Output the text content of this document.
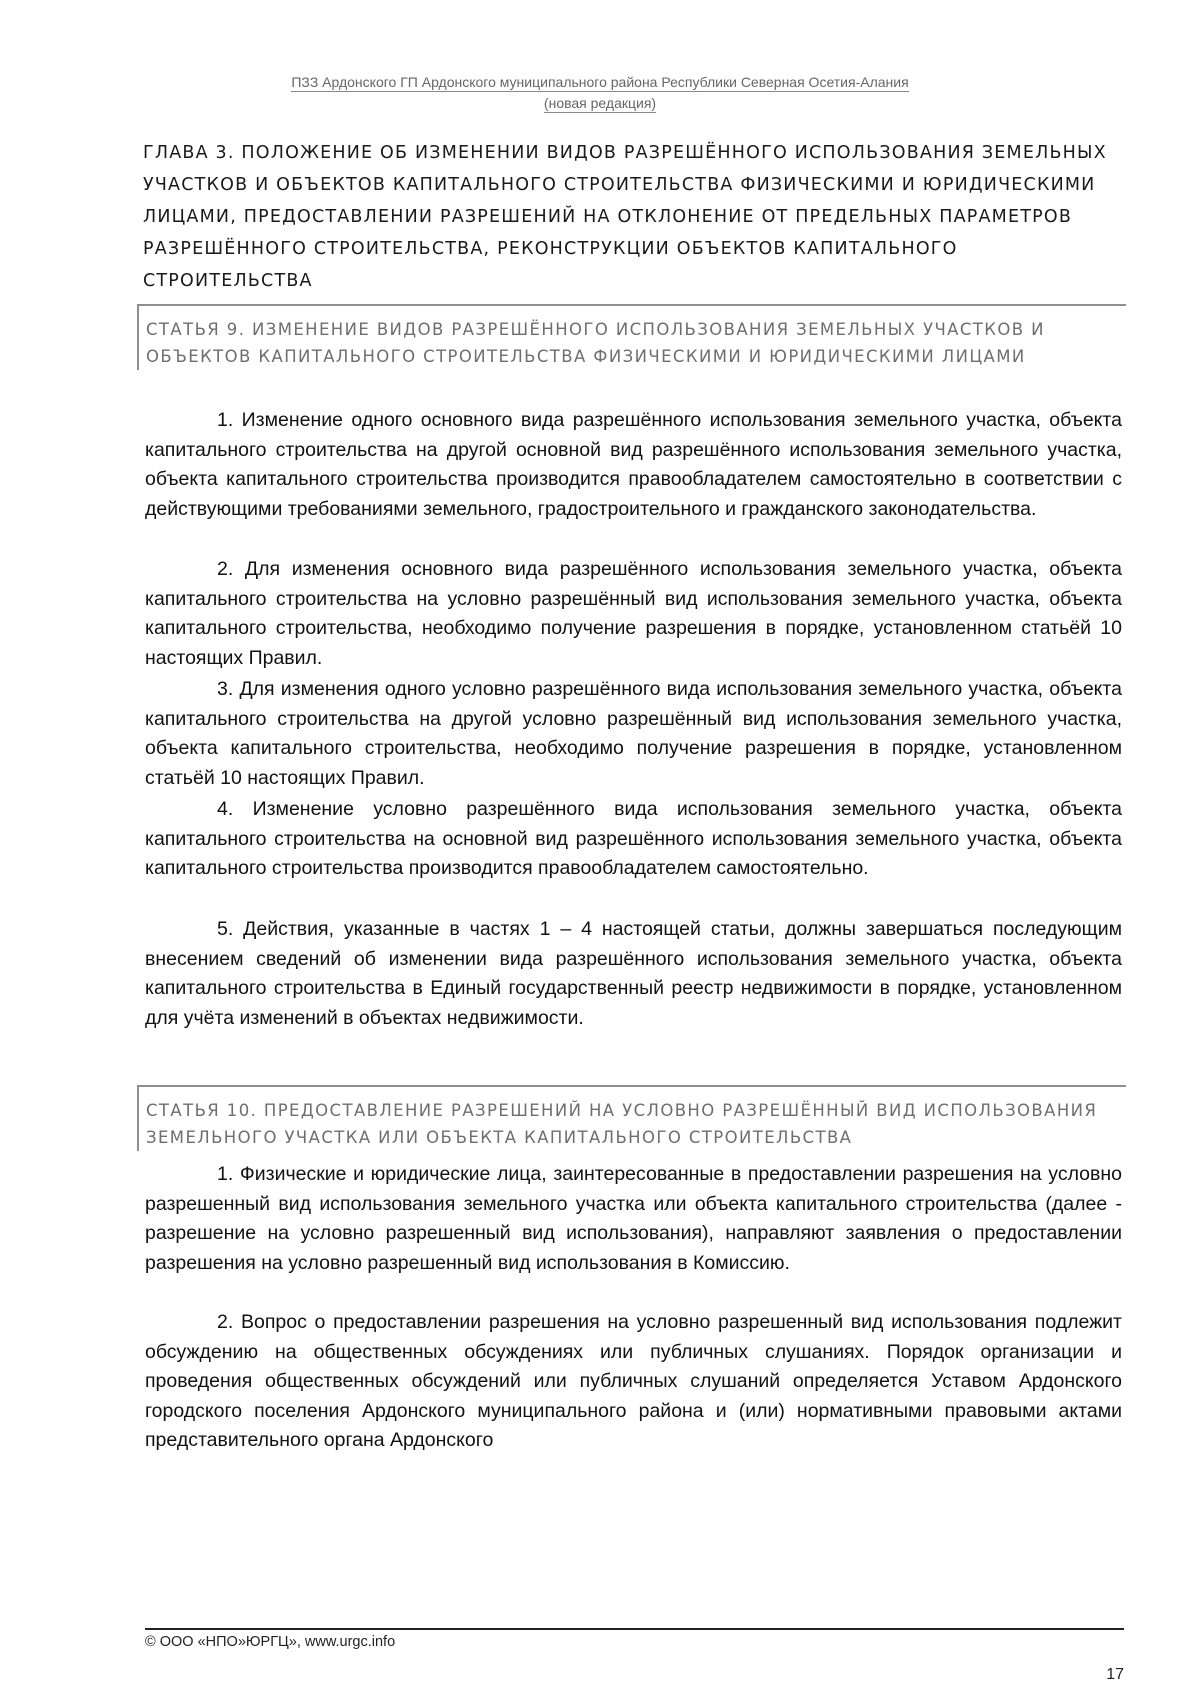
ПЗЗ Ардонского ГП Ардонского муниципального района Республики Северная Осетия-Алания
(новая редакция)
ГЛАВА 3. ПОЛОЖЕНИЕ ОБ ИЗМЕНЕНИИ ВИДОВ РАЗРЕШЁННОГО ИСПОЛЬЗОВАНИЯ ЗЕМЕЛЬНЫХ УЧАСТКОВ И ОБЪЕКТОВ КАПИТАЛЬНОГО СТРОИТЕЛЬСТВА ФИЗИЧЕСКИМИ И ЮРИДИЧЕСКИМИ ЛИЦАМИ, ПРЕДОСТАВЛЕНИИ РАЗРЕШЕНИЙ НА ОТКЛОНЕНИЕ ОТ ПРЕДЕЛЬНЫХ ПАРАМЕТРОВ РАЗРЕШЁННОГО СТРОИТЕЛЬСТВА, РЕКОНСТРУКЦИИ ОБЪЕКТОВ КАПИТАЛЬНОГО СТРОИТЕЛЬСТВА
СТАТЬЯ 9. ИЗМЕНЕНИЕ ВИДОВ РАЗРЕШЁННОГО ИСПОЛЬЗОВАНИЯ ЗЕМЕЛЬНЫХ УЧАСТКОВ И ОБЪЕКТОВ КАПИТАЛЬНОГО СТРОИТЕЛЬСТВА ФИЗИЧЕСКИМИ И ЮРИДИЧЕСКИМИ ЛИЦАМИ
1. Изменение одного основного вида разрешённого использования земельного участка, объекта капитального строительства на другой основной вид разрешённого использования земельного участка, объекта капитального строительства производится правообладателем самостоятельно в соответствии с действующими требованиями земельного, градостроительного и гражданского законодательства.
2. Для изменения основного вида разрешённого использования земельного участка, объекта капитального строительства на условно разрешённый вид использования земельного участка, объекта капитального строительства, необходимо получение разрешения в порядке, установленном статьёй 10 настоящих Правил.
3. Для изменения одного условно разрешённого вида использования земельного участка, объекта капитального строительства на другой условно разрешённый вид использования земельного участка, объекта капитального строительства, необходимо получение разрешения в порядке, установленном статьёй 10 настоящих Правил.
4. Изменение условно разрешённого вида использования земельного участка, объекта капитального строительства на основной вид разрешённого использования земельного участка, объекта капитального строительства производится правообладателем самостоятельно.
5. Действия, указанные в частях 1 – 4 настоящей статьи, должны завершаться последующим внесением сведений об изменении вида разрешённого использования земельного участка, объекта капитального строительства в Единый государственный реестр недвижимости в порядке, установленном для учёта изменений в объектах недвижимости.
СТАТЬЯ 10. ПРЕДОСТАВЛЕНИЕ РАЗРЕШЕНИЙ НА УСЛОВНО РАЗРЕШЁННЫЙ ВИД ИСПОЛЬЗОВАНИЯ ЗЕМЕЛЬНОГО УЧАСТКА ИЛИ ОБЪЕКТА КАПИТАЛЬНОГО СТРОИТЕЛЬСТВА
1. Физические и юридические лица, заинтересованные в предоставлении разрешения на условно разрешенный вид использования земельного участка или объекта капитального строительства (далее - разрешение на условно разрешенный вид использования), направляют заявления о предоставлении разрешения на условно разрешенный вид использования в Комиссию.
2. Вопрос о предоставлении разрешения на условно разрешенный вид использования подлежит обсуждению на общественных обсуждениях или публичных слушаниях. Порядок организации и проведения общественных обсуждений или публичных слушаний определяется Уставом Ардонского городского поселения Ардонского муниципального района и (или) нормативными правовыми актами представительного органа Ардонского
© ООО «НПО»ЮРГЦ», www.urgc.info
17
